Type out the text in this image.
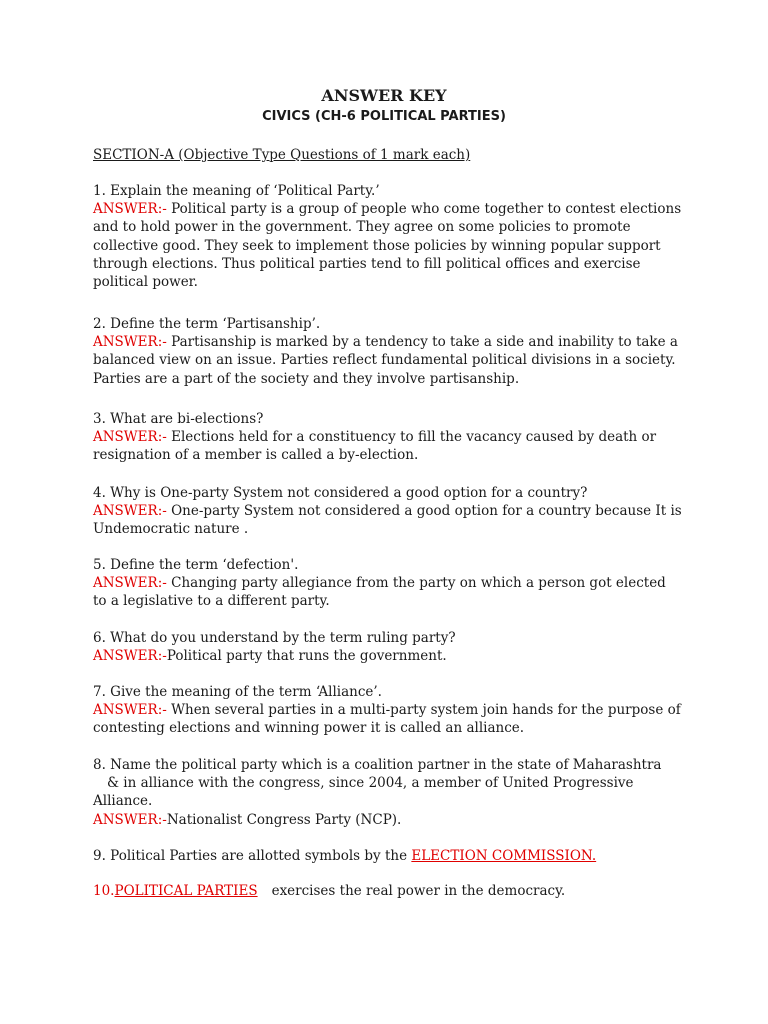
ANSWER KEY
CIVICS (CH-6 POLITICAL PARTIES)
SECTION-A (Objective Type Questions of 1 mark each)

1. Explain the meaning of ‘Political Party.’

ANSWER:- Political party is a group of people who come together to contest elections and to hold power in the government. They agree on some policies to promote collective good. They seek to implement those policies by winning popular support through elections. Thus political parties tend to fill political offices and exercise political power.

2. Define the term ‘Partisanship’.

ANSWER:- Partisanship is marked by a tendency to take a side and inability to take a balanced view on an issue. Parties reflect fundamental political divisions in a society. Parties are a part of the society and they involve partisanship.

3. What are bi-elections?

ANSWER:- Elections held for a constituency to fill the vacancy caused by death or resignation of a member is called a by-election.

4. Why is One-party System not considered a good option for a country?

ANSWER:- One-party System not considered a good option for a country because It is Undemocratic nature .

5. Define the term ‘defection'.

ANSWER:- Changing party allegiance from the party on which a person got elected to a legislative to a different party.

6. What do you understand by the term ruling party?

ANSWER:-Political party that runs the government.

7. Give the meaning of the term ‘Alliance’.

ANSWER:- When several parties in a multi-party system join hands for the purpose of contesting elections and winning power it is called an alliance.

8. Name the political party which is a coalition partner in the state of Maharashtra

& in alliance with the congress, since 2004, a member of United Progressive

Alliance.

ANSWER:-Nationalist Congress Party (NCP).

9. Political Parties are allotted symbols by the ELECTION COMMISSION.
10.POLITICAL PARTIES exercises the real power in the democracy.
